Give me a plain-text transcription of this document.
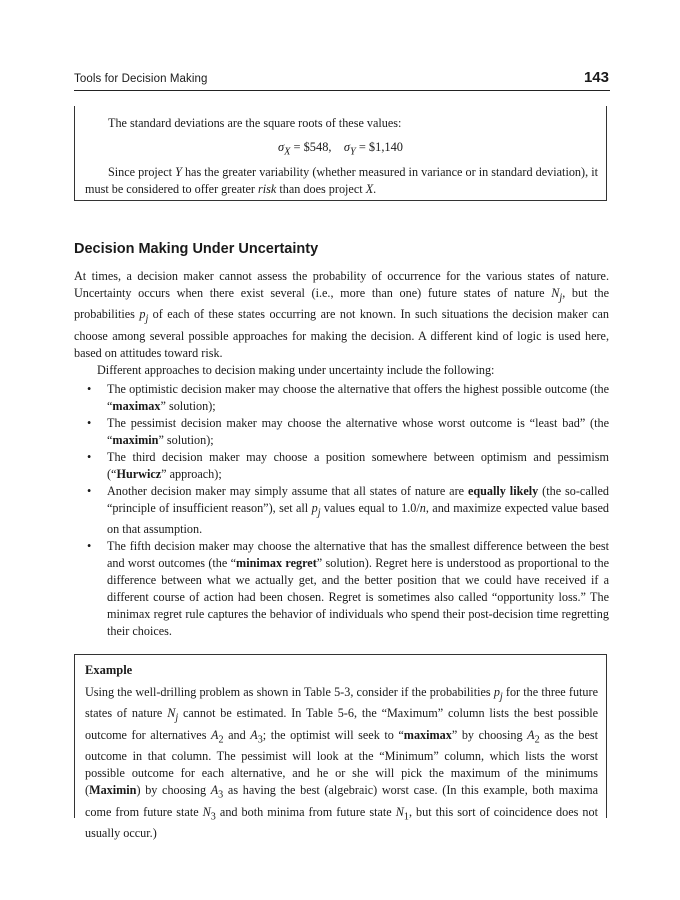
Tools for Decision Making	143

The standard deviations are the square roots of these values:

$\sigma_X$ = $548, $\sigma_Y$ = $1,140

Since project Y has the greater variability (whether measured in variance or in standard deviation), it must be considered to offer greater risk than does project X.

Decision Making Under Uncertainty

At times, a decision maker cannot assess the probability of occurrence for the various states of nature. Uncertainty occurs when there exist several (i.e., more than one) future states of nature $N_j$, but the probabilities $p_j$ of each of these states occurring are not known. In such situations the decision maker can choose among several possible approaches for making the decision. A different kind of logic is used here, based on attitudes toward risk.

Different approaches to decision making under uncertainty include the following:

• The optimistic decision maker may choose the alternative that offers the highest possible outcome (the “maximax” solution);
• The pessimist decision maker may choose the alternative whose worst outcome is “least bad” (the “maximin” solution);
• The third decision maker may choose a position somewhere between optimism and pessimism (“Hurwicz” approach);
• Another decision maker may simply assume that all states of nature are equally likely (the so-called “principle of insufficient reason”), set all $p_j$ values equal to 1.0/n, and maximize expected value based on that assumption.
• The fifth decision maker may choose the alternative that has the smallest difference between the best and worst outcomes (the “minimax regret” solution). Regret here is understood as proportional to the difference between what we actually get, and the better position that we could have received if a different course of action had been chosen. Regret is sometimes also called “opportunity loss.” The minimax regret rule captures the behavior of individuals who spend their post-decision time regretting their choices.
Example

Using the well-drilling problem as shown in Table 5-3, consider if the probabilities $p_j$ for the three future states of nature $N_j$ cannot be estimated. In Table 5-6, the “Maximum” column lists the best possible outcome for alternatives $A_2$ and $A_3$; the optimist will seek to “maximax” by choosing $A_2$ as the best outcome in that column. The pessimist will look at the “Minimum” column, which lists the worst possible outcome for each alternative, and he or she will pick the maximum of the minimums (Maximin) by choosing $A_3$ as having the best (algebraic) worst case. (In this example, both maxima come from future state $N_3$ and both minima from future state $N_1$, but this sort of coincidence does not usually occur.)
